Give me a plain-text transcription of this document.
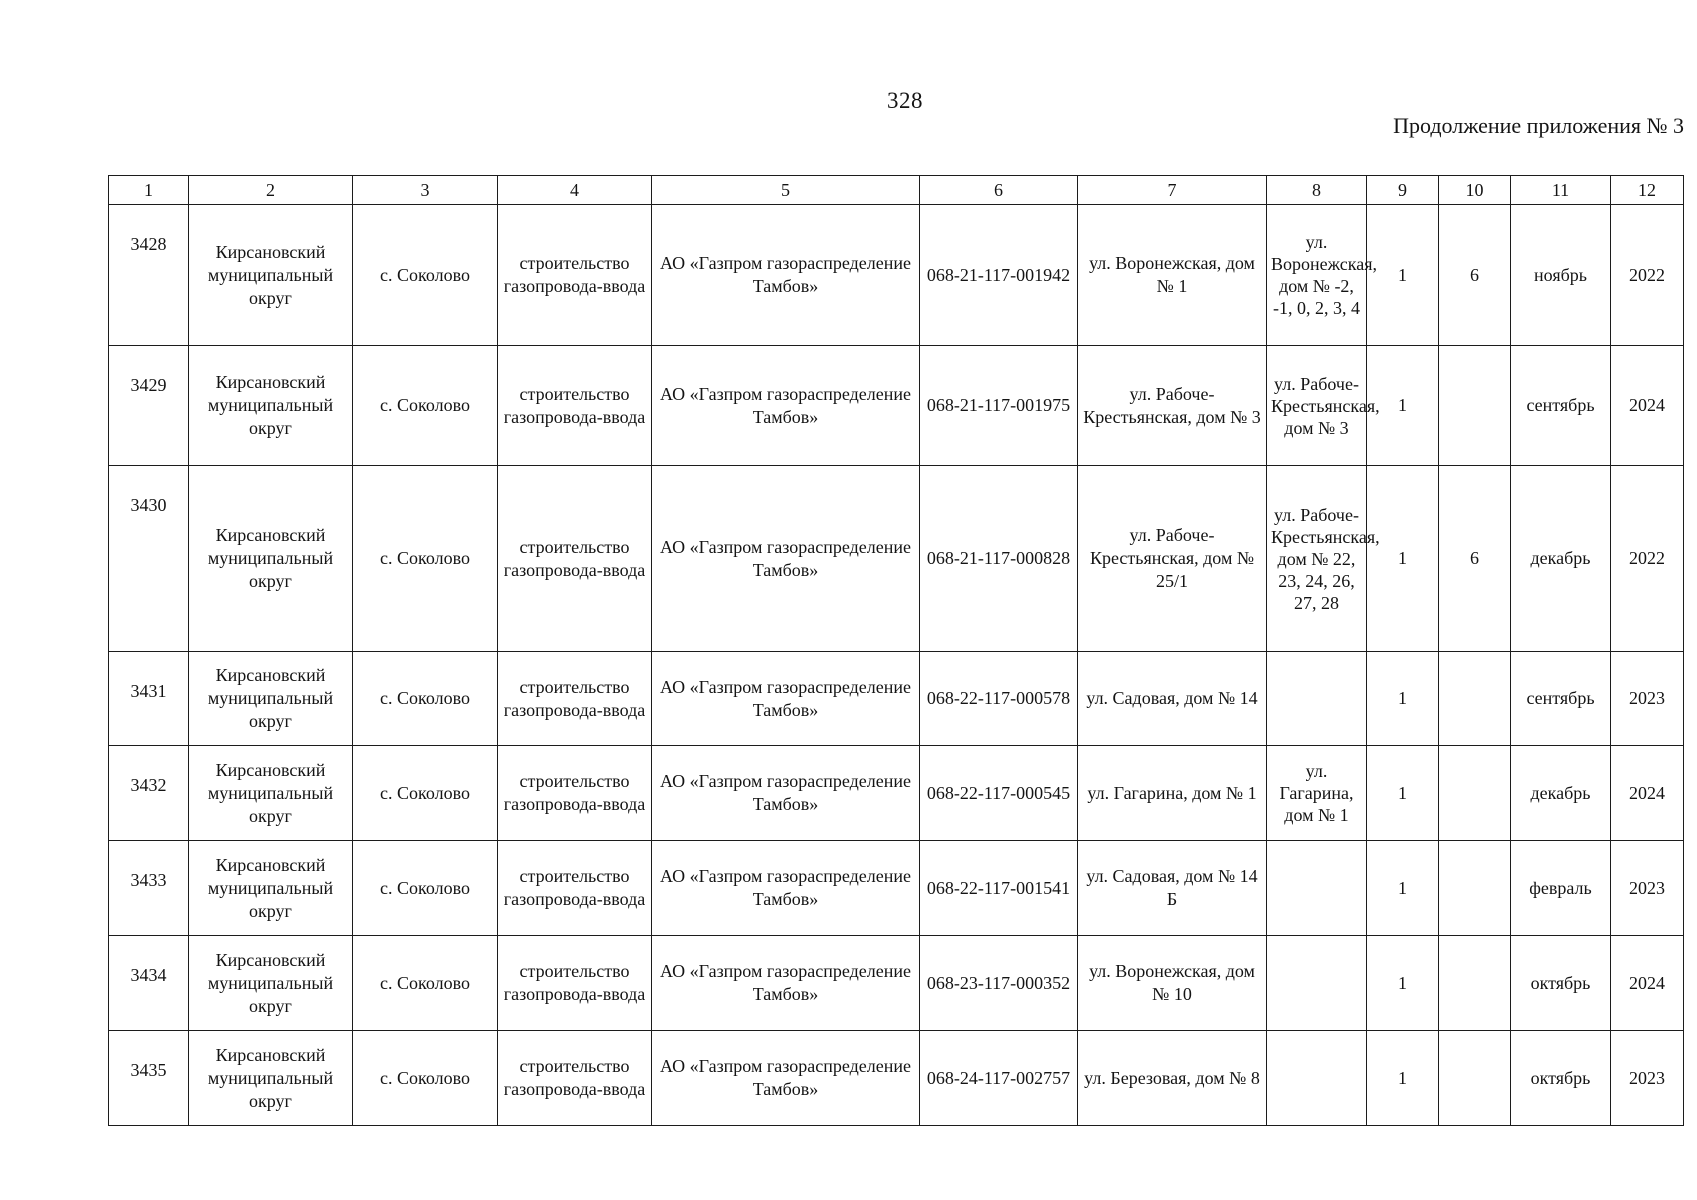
328
Продолжение приложения № 3
1	2	3	4	5	6	7	8	9	10	11	12
3428	Кирсановский муниципальный округ	с. Соколово	строительство газопровода-ввода	АО «Газпром газораспределение Тамбов»	068-21-117-001942	ул. Воронежская, дом № 1	ул. Воронежская, дом № -2, -1, 0, 2, 3, 4	1	6	ноябрь	2022
3429	Кирсановский муниципальный округ	с. Соколово	строительство газопровода-ввода	АО «Газпром газораспределение Тамбов»	068-21-117-001975	ул. Рабоче-Крестьянская, дом № 3	ул. Рабоче-Крестьянская, дом № 3	1		сентябрь	2024
3430	Кирсановский муниципальный округ	с. Соколово	строительство газопровода-ввода	АО «Газпром газораспределение Тамбов»	068-21-117-000828	ул. Рабоче-Крестьянская, дом № 25/1	ул. Рабоче-Крестьянская, дом № 22, 23, 24, 26, 27, 28	1	6	декабрь	2022
3431	Кирсановский муниципальный округ	с. Соколово	строительство газопровода-ввода	АО «Газпром газораспределение Тамбов»	068-22-117-000578	ул. Садовая, дом № 14		1		сентябрь	2023
3432	Кирсановский муниципальный округ	с. Соколово	строительство газопровода-ввода	АО «Газпром газораспределение Тамбов»	068-22-117-000545	ул. Гагарина, дом № 1	ул. Гагарина, дом № 1	1		декабрь	2024
3433	Кирсановский муниципальный округ	с. Соколово	строительство газопровода-ввода	АО «Газпром газораспределение Тамбов»	068-22-117-001541	ул. Садовая, дом № 14 Б		1		февраль	2023
3434	Кирсановский муниципальный округ	с. Соколово	строительство газопровода-ввода	АО «Газпром газораспределение Тамбов»	068-23-117-000352	ул. Воронежская, дом № 10		1		октябрь	2024
3435	Кирсановский муниципальный округ	с. Соколово	строительство газопровода-ввода	АО «Газпром газораспределение Тамбов»	068-24-117-002757	ул. Березовая, дом № 8		1		октябрь	2023
